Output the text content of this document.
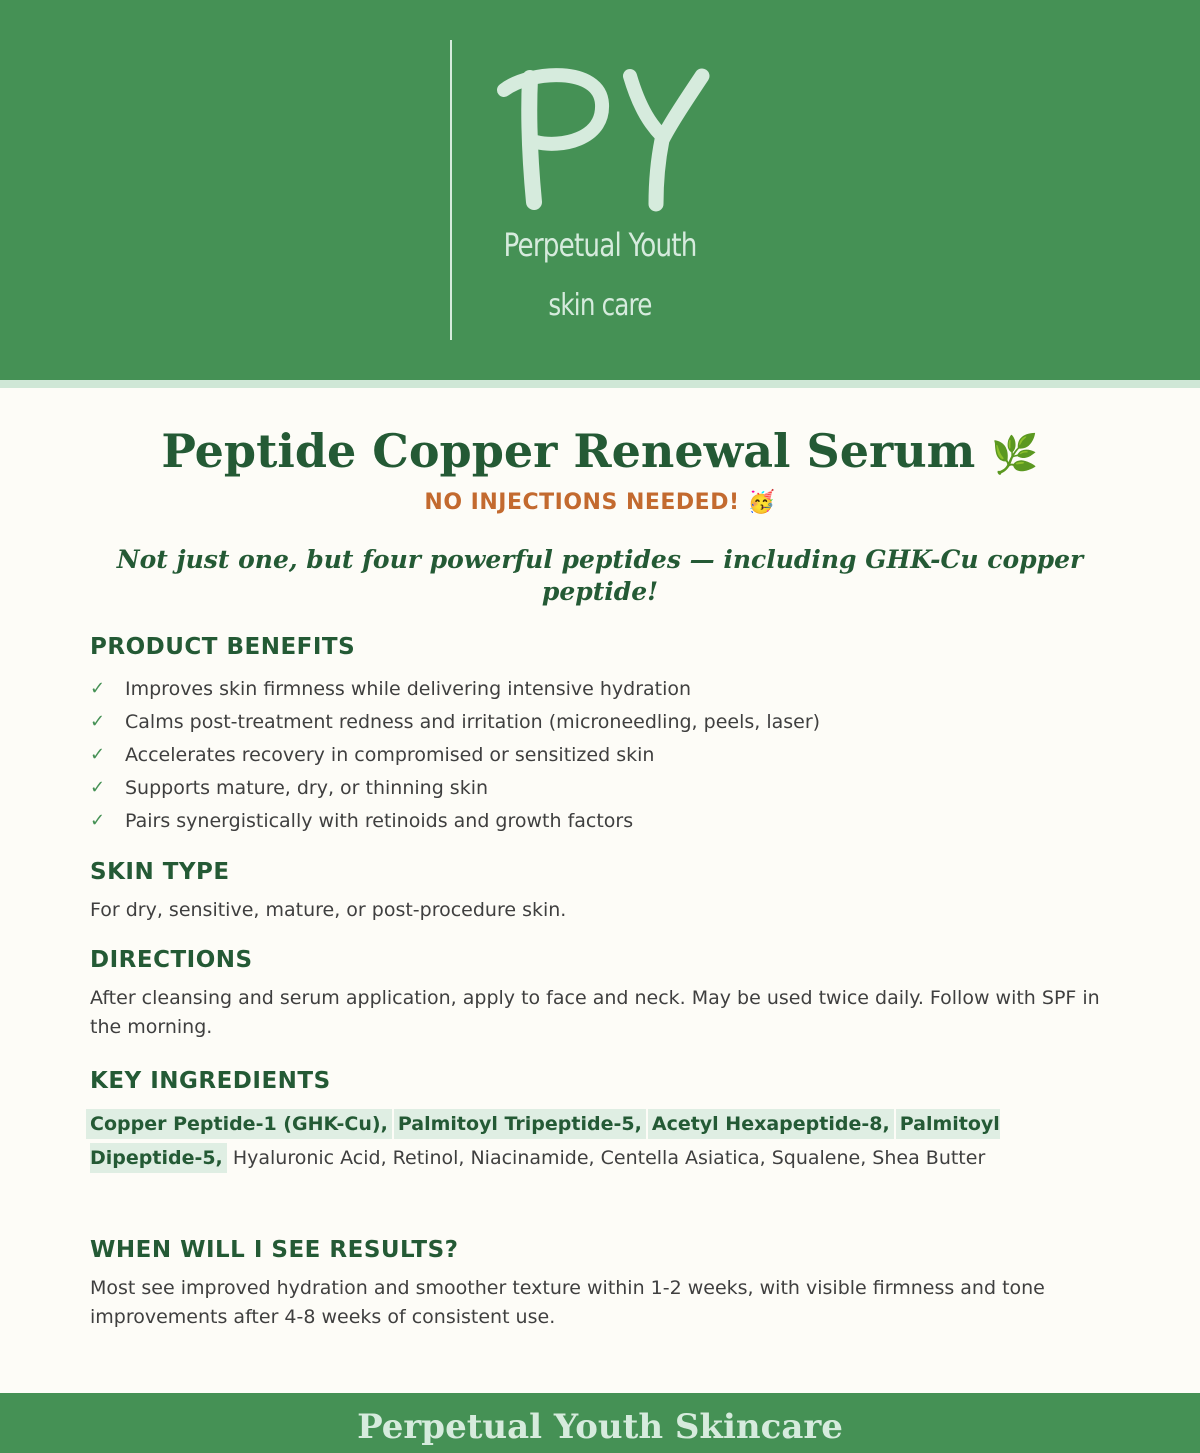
Perpetual Youth
skin care
Peptide Copper Renewal Serum 🌿
NO INJECTIONS NEEDED! 🥳
Not just one, but four powerful peptides — including GHK-Cu copper peptide!
PRODUCT BENEFITS
✓	Improves skin firmness while delivering intensive hydration
✓	Calms post-treatment redness and irritation (microneedling, peels, laser)
✓	Accelerates recovery in compromised or sensitized skin
✓	Supports mature, dry, or thinning skin
✓	Pairs synergistically with retinoids and growth factors
SKIN TYPE

For dry, sensitive, mature, or post-procedure skin.

DIRECTIONS

After cleansing and serum application, apply to face and neck. May be used twice daily. Follow with SPF in the morning.

KEY INGREDIENTS

Copper Peptide-1 (GHK-Cu), Palmitoyl Tripeptide-5, Acetyl Hexapeptide-8, Palmitoyl Dipeptide-5, Hyaluronic Acid, Retinol, Niacinamide, Centella Asiatica, Squalene, Shea Butter

WHEN WILL I SEE RESULTS?

Most see improved hydration and smoother texture within 1-2 weeks, with visible firmness and tone improvements after 4-8 weeks of consistent use.

Perpetual Youth Skincare
